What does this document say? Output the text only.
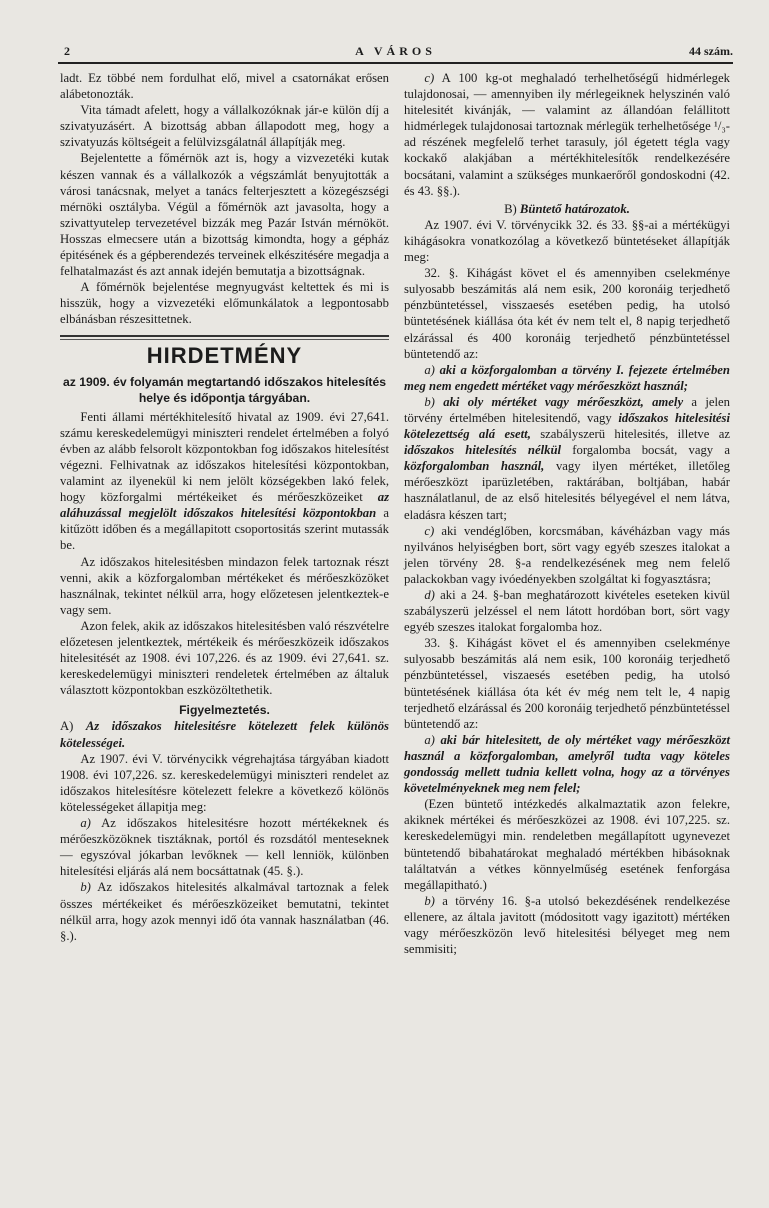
2	A VÁROS	44 szám.

ladt. Ez többé nem fordulhat elő, mivel a csatornákat erősen alábetonozták.

Vita támadt afelett, hogy a vállalkozóknak jár-e külön díj a szivatyuzásért. A bizottság abban állapodott meg, hogy a szivatyuzás költségeit a felülvizsgálatnál állapítják meg.

Bejelentette a főmérnök azt is, hogy a vizvezetéki kutak készen vannak és a vállalkozók a végszámlát benyujtották a városi tanácsnak, melyet a tanács felterjesztett a közegészségi mérnöki osztályba. Végül a főmérnök azt javasolta, hogy a szivattyutelep tervezetével bizzák meg Pazár István mérnököt. Hosszas elmecsere után a bizottság kimondta, hogy a gépház épitésének és a gépberendezés terveinek elkészitésére megadja a felhatalmazást és azt annak idején bemutatja a bizottságnak.

A főmérnök bejelentése megnyugvást keltettek és mi is hisszük, hogy a vizvezetéki előmunkálatok a legpontosabb elbánásban részesittetnek.

HIRDETMÉNY

az 1909. év folyamán megtartandó időszakos hitelesítés helye és időpontja tárgyában.

Fenti állami mértékhitelesítő hivatal az 1909. évi 27,641. számu kereskedelemügyi miniszteri rendelet értelmében a folyó évben az alább felsorolt központokban fog időszakos hitelesítést végezni. Felhivatnak az időszakos hitelesítési központokban, valamint az ilyenekül ki nem jelölt községekben lakó felek, hogy közforgalmi mértékeiket és mérőeszközeiket az aláhuzással megjelölt időszakos hitelesítési központokban a kitűzött időben és a megállapitott csoportositás szerint mutassák be.

Az időszakos hitelesitésben mindazon felek tartoznak részt venni, akik a közforgalomban mértékeket és mérőeszközöket használnak, tekintet nélkül arra, hogy előzetesen jelentkeztek-e vagy sem.

Azon felek, akik az időszakos hitelesitésben való részvételre előzetesen jelentkeztek, mértékeik és mérőeszközeik időszakos hitelesitését az 1908. évi 107,226. és az 1909. évi 27,641. sz. kereskedelemügyi miniszteri rendeletek értelmében az általuk választott központokban eszközöltethetik.

Figyelmeztetés.

A) Az időszakos hitelesitésre kötelezett felek különös kötelességei.

Az 1907. évi V. törvénycikk végrehajtása tárgyában kiadott 1908. évi 107,226. sz. kereskedelemügyi miniszteri rendelet az időszakos hitelesítésre kötelezett felekre a következő kölönös kötelességeket állapitja meg:

a) Az időszakos hitelesitésre hozott mértékeknek és mérőeszközöknek tisztáknak, portól és rozsdától menteseknek — egyszóval jókarban levőknek — kell lenniök, különben hitelesítési eljárás alá nem bocsáttatnak (45. §.).

b) Az időszakos hitelesités alkalmával tartoznak a felek összes mértékeiket és mérőeszközeiket bemutatni, tekintet nélkül arra, hogy azok mennyi idő óta vannak használatban (46. §.).

c) A 100 kg-ot meghaladó terhelhetőségű hidmérlegek tulajdonosai, — amennyiben ily mérlegeiknek helyszinén való hitelesitét kivánják, — valamint az állandóan felállitott hidmérlegek tulajdonosai tartoznak mérlegük terhelhetősége ¹/₃-ad részének megfelelő terhet tarasuly, jól égetett tégla vagy kockakő alakjában a mértékhitelesítők rendelkezésére bocsátani, valamint a szükséges munkaerőről gondoskodni (42. és 43. §§.).

B) Büntető határozatok.

Az 1907. évi V. törvénycikk 32. és 33. §§-ai a mértékügyi kihágásokra vonatkozólag a következő büntetéseket állapítják meg:

32. §. Kihágást követ el és amennyiben cselekménye sulyosabb beszámitás alá nem esik, 200 koronáig terjedhető pénzbüntetéssel, visszaesés esetében pedig, ha utolsó büntetésének kiállása óta két év nem telt el, 8 napig terjedhető elzárással és 400 koronáig terjedhető pénzbüntetéssel büntetendő az:

a) aki a közforgalomban a törvény I. fejezete értelmében meg nem engedett mértéket vagy mérőeszközt használ;

b) aki oly mértéket vagy mérőeszközt, amely a jelen törvény értelmében hitelesitendő, vagy időszakos hitelesitési kötelezettség alá esett, szabályszerü hitelesités, illetve az időszakos hitelesítés nélkül forgalomba bocsát, vagy a közforgalomban használ, vagy ilyen mértéket, illetőleg mérőeszközt iparüzletében, raktárában, boltjában, habár használatlanul, de az első hitelesités bélyegével el nem látva, eladásra készen tart;

c) aki vendéglőben, korcsmában, kávéházban vagy más nyilvános helyiségben bort, sört vagy egyéb szeszes italokat a jelen törvény 28. §-a rendelkezésének meg nem felelő palackokban vagy ivóedényekben szolgáltat ki fogyasztásra;

d) aki a 24. §-ban meghatározott kivételes eseteken kivül szabályszerü jelzéssel el nem látott hordóban bort, sört vagy egyéb szeszes italokat forgalomba hoz.

33. §. Kihágást követ el és amennyiben cselekménye sulyosabb beszámitás alá nem esik, 100 koronáig terjedhető pénzbüntetéssel, viszaesés esetében pedig, ha utolsó büntetésének kiállása óta két év még nem telt le, 4 napig terjedhető elzárással és 200 koronáig terjedhető pénzbüntetéssel büntetendő az:

a) aki bár hitelesitett, de oly mértéket vagy mérőeszközt használ a közforgalomban, amelyről tudta vagy köteles gondosság mellett tudnia kellett volna, hogy az a törvényes követelményeknek meg nem felel;

(Ezen büntető intézkedés alkalmaztatik azon felekre, akiknek mértékei és mérőeszközei az 1908. évi 107,225. sz. kereskedelemügyi min. rendeletben megállapított ugynevezet büntetendő bibahatárokat meghaladó mértékben hibásoknak találtatván a vétkes könnyelműség esetének fenforgása megállapitható.)

b) a törvény 16. §-a utolsó bekezdésének rendelkezése ellenere, az általa javitott (módositott vagy igazitott) mértéken vagy mérőeszközön levő hitelesitési bélyeget meg nem semmisiti;
